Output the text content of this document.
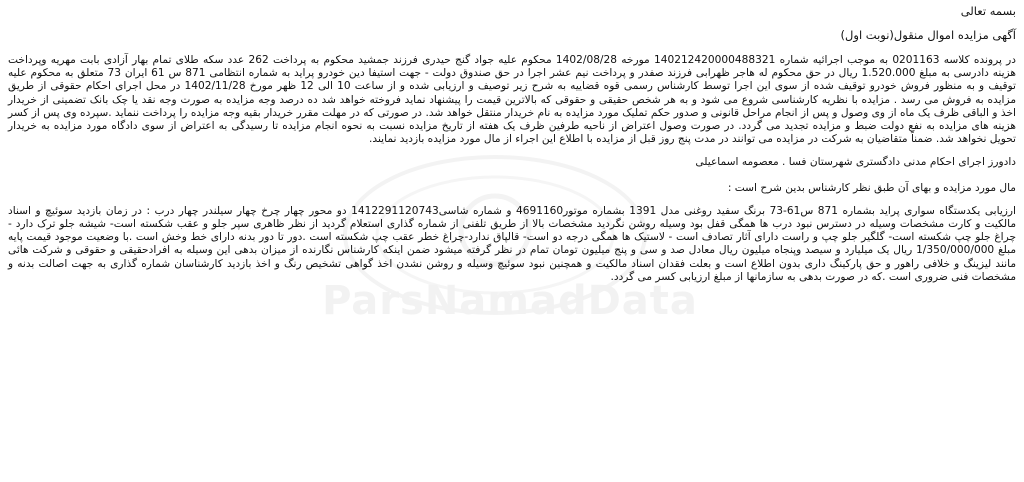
ParsNamadData

بسمه تعالی

آگهی مزایده اموال منقول(نوبت اول)

در پرونده کلاسه 0201163 به موجب اجرائیه شماره 140212420000488321 مورخه 1402/08/28 محکوم علیه جواد گنج حیدری فرزند جمشید محکوم به پرداخت 262 عدد سکه طلای تمام بهار آزادی بابت مهریه وپرداخت هزینه دادرسی به مبلغ 1.520.000 ریال در حق محکوم له هاجر ظهرابی فرزند صفدر و پرداخت نیم عشر اجرا در حق صندوق دولت - جهت استیفا دین خودرو پراید به شماره انتظامی 871 س 61 ایران 73 متعلق به محکوم علیه توقیف و به منظور فروش خودرو توقیف شده از سوی این اجرا توسط کارشناس رسمی قوه قضاییه به شرح زیر توصیف و ارزیابی شده و از ساعت 10 الی 12 ظهر مورخ 1402/11/28 در محل اجرای احکام حقوقی از طریق مزایده به فروش می رسد . مزایده با نظریه کارشناسی شروع می شود و به هر شخص حقیقی و حقوقی که بالاترین قیمت را پیشنهاد نماید فروخته خواهد شد ده درصد وجه مزایده به صورت وجه نقد یا چک بانک تضمینی از خریدار اخذ و الباقی ظرف یک ماه از وی وصول و پس از انجام مراحل قانونی و صدور حکم تملیک مورد مزایده به نام خریدار منتقل خواهد شد. در صورتی که در مهلت مقرر خریدار بقیه وجه مزایده را پرداخت ننماید .سپرده وی پس از کسر هزینه های مزایده به نفع دولت ضبط و مزایده تجدید می گردد. در صورت وصول اعتراض از ناحیه طرفین ظرف یک هفته از تاریخ مزایده نسبت به نحوه انجام مزایده تا رسیدگی به اعتراض از سوی دادگاه مورد مزایده به خریدار تحویل نخواهد شد. ضمناً متقاضیان به شرکت در مزایده می توانند در مدت پنج روز قبل از مزایده با اطلاع این اجراء از مال مورد مزایده بازدید نمایند.

دادورز اجرای احکام مدنی دادگستری شهرستان فسا . معصومه اسماعیلی

مال مورد مزایده و بهای آن طبق نظر کارشناس بدین شرح است :

ارزیابی یکدستگاه سواری پراید بشماره 871 س61-73 برنگ سفید روغنی مدل 1391 بشماره موتور4691160 و شماره شاسی1412291120743 دو محور چهار چرخ چهار سیلندر چهار درب : در زمان بازدید سوئیچ و اسناد مالکیت و کارت مشخصات وسیله در دسترس نبود درب ها همگی قفل بود وسیله روشن نگردید مشخصات بالا از طریق تلفنی از شماره گذاری استعلام گردید از نظر ظاهری سپر جلو و عقب شکسته است- شیشه جلو ترک دارد - چراغ جلو چپ شکسته است- گلگیر جلو چپ و راست دارای آثار تصادف است - لاستیک ها همگی درجه دو است- قالپاق ندارد-چراغ خطر عقب چپ شکسته است .دور تا دور بدنه دارای خط وخش است .با وضعیت موجود قیمت پایه مبلغ 1/350/000/000 ریال یک میلیارد و سیصد وپنجاه میلیون ریال معادل صد و سی و پنج میلیون تومان تمام در نظر گرفته میشود ضمن اینکه کارشناس نگارنده از میزان بدهی این وسیله به افرادحقیقی و حقوقی و شرکت هائی مانند لیزینگ و خلافی راهور و حق پارکینگ داری بدون اطلاع است و بعلت فقدان اسناد مالکیت و همچنین نبود سوئیچ وسیله و روشن نشدن اخذ گواهی تشخیص رنگ و اخذ بازدید کارشناسان شماره گذاری به جهت اصالت بدنه و مشخصات فنی ضروری است .که در صورت بدهی به سازمانها از مبلغ ارزیابی کسر می گردد.
